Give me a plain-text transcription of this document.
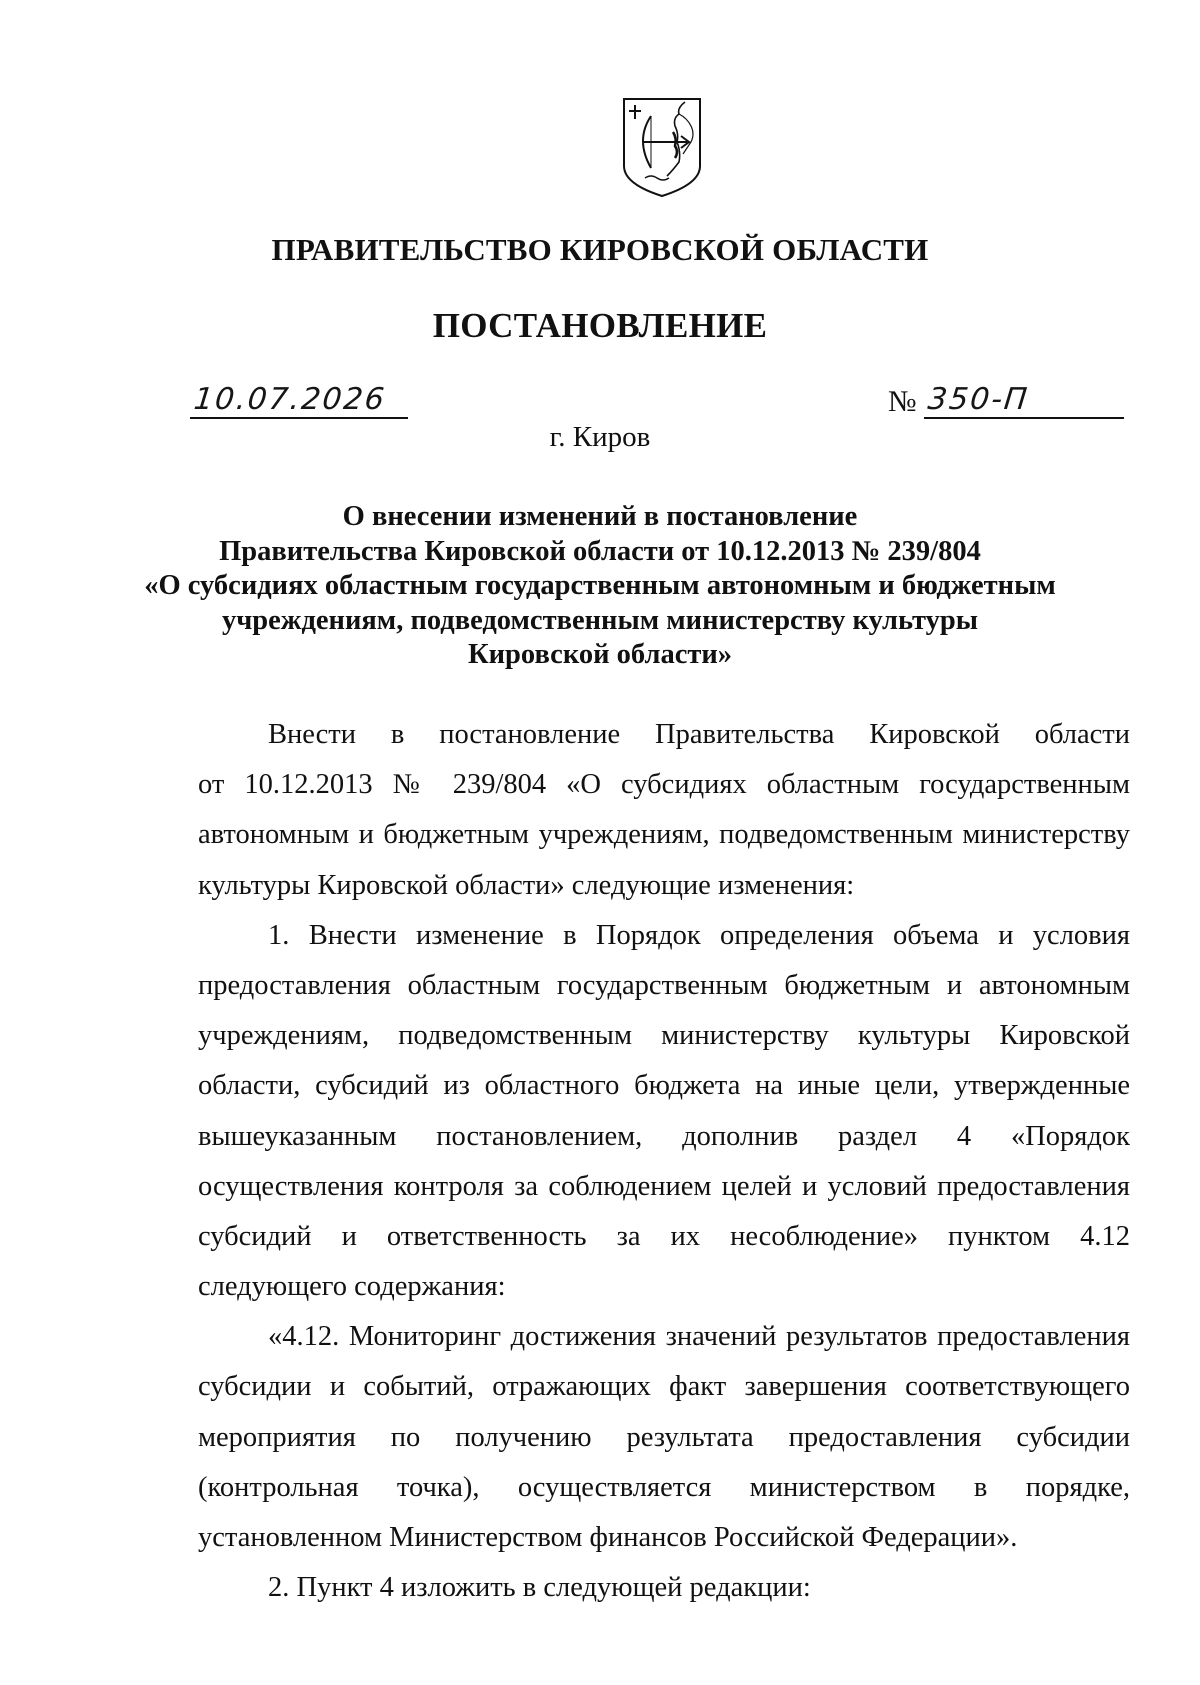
ПРАВИТЕЛЬСТВО КИРОВСКОЙ ОБЛАСТИ
ПОСТАНОВЛЕНИЕ
10.07.2026	№ 350-П
г. Киров
О внесении изменений в постановление
Правительства Кировской области от 10.12.2013 № 239/804
«О субсидиях областным государственным автономным и бюджетным
учреждениям, подведомственным министерству культуры
Кировской области»
Внести в постановление Правительства Кировской области
от 10.12.2013 № 239/804 «О субсидиях областным государственным
автономным и бюджетным учреждениям, подведомственным министерству
культуры Кировской области» следующие изменения:
1. Внести изменение в Порядок определения объема и условия
предоставления областным государственным бюджетным и автономным
учреждениям, подведомственным министерству культуры Кировской
области, субсидий из областного бюджета на иные цели, утвержденные
вышеуказанным постановлением, дополнив раздел 4 «Порядок
осуществления контроля за соблюдением целей и условий предоставления
субсидий и ответственность за их несоблюдение» пунктом 4.12
следующего содержания:
«4.12. Мониторинг достижения значений результатов предоставления
субсидии и событий, отражающих факт завершения соответствующего
мероприятия по получению результата предоставления субсидии
(контрольная точка), осуществляется министерством в порядке,
установленном Министерством финансов Российской Федерации».
2. Пункт 4 изложить в следующей редакции:
